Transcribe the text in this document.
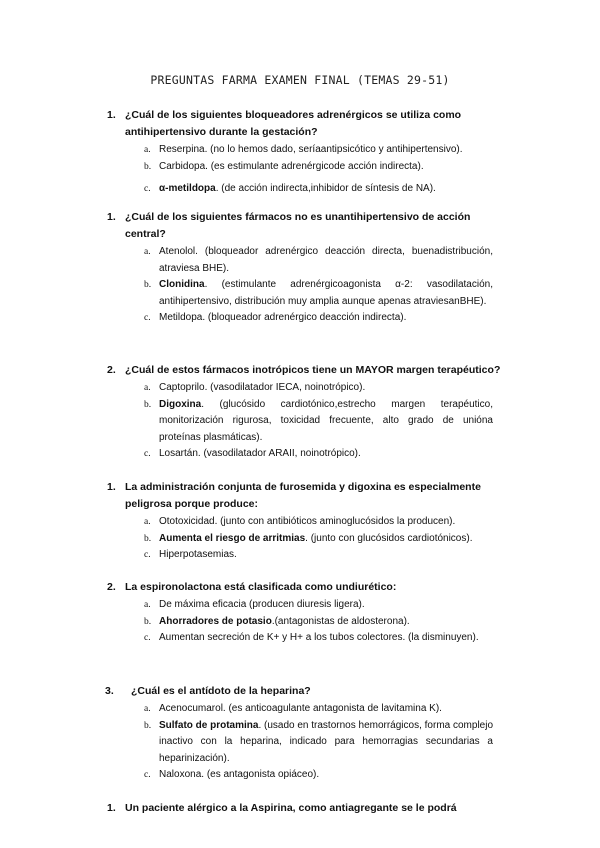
PREGUNTAS FARMA EXAMEN FINAL (TEMAS 29-51)
1. ¿Cuál de los siguientes bloqueadores adrenérgicos se utiliza como antihipertensivo durante la gestación?
a. Reserpina. (no lo hemos dado, seríaantipsicótico y antihipertensivo).
b. Carbidopa. (es estimulante adrenérgicode acción indirecta).
c. α-metildopa. (de acción indirecta,inhibidor de síntesis de NA).
1. ¿Cuál de los siguientes fármacos no es unantihipertensivo de acción central?
a. Atenolol. (bloqueador adrenérgico deacción directa, buenadistribución, atraviesa BHE).
b. Clonidina. (estimulante adrenérgicoagonista α-2: vasodilatación, antihipertensivo, distribución muy amplia aunque apenas atraviesanBHE).
c. Metildopa. (bloqueador adrenérgico deacción indirecta).
2. ¿Cuál de estos fármacos inotrópicos tiene un MAYOR margen terapéutico?
a. Captoprilo. (vasodilatador IECA, noinotrópico).
b. Digoxina. (glucósido cardiotónico,estrecho margen terapéutico, monitorización rigurosa, toxicidad frecuente, alto grado de unióna proteínas plasmáticas).
c. Losartán. (vasodilatador ARAII, noinotrópico).
1. La administración conjunta de furosemida y digoxina es especialmente peligrosa porque produce:
a. Ototoxicidad. (junto con antibióticos aminoglucósidos la producen).
b. Aumenta el riesgo de arritmias. (junto con glucósidos cardiotónicos).
c. Hiperpotasemias.
2. La espironolactona está clasificada como undiurético:
a. De máxima eficacia (producen diuresis ligera).
b. Ahorradores de potasio.(antagonistas de aldosterona).
c. Aumentan secreción de K+ y H+ a los tubos colectores. (la disminuyen).
3.	¿Cuál es el antídoto de la heparina?
a. Acenocumarol. (es anticoagulante antagonista de lavitamina K).
b. Sulfato de protamina. (usado en trastornos hemorrágicos, forma complejo inactivo con la heparina, indicado para hemorragias secundarias a heparinización).
c. Naloxona. (es antagonista opiáceo).
1. Un paciente alérgico a la Aspirina, como antiagregante se le podrá
